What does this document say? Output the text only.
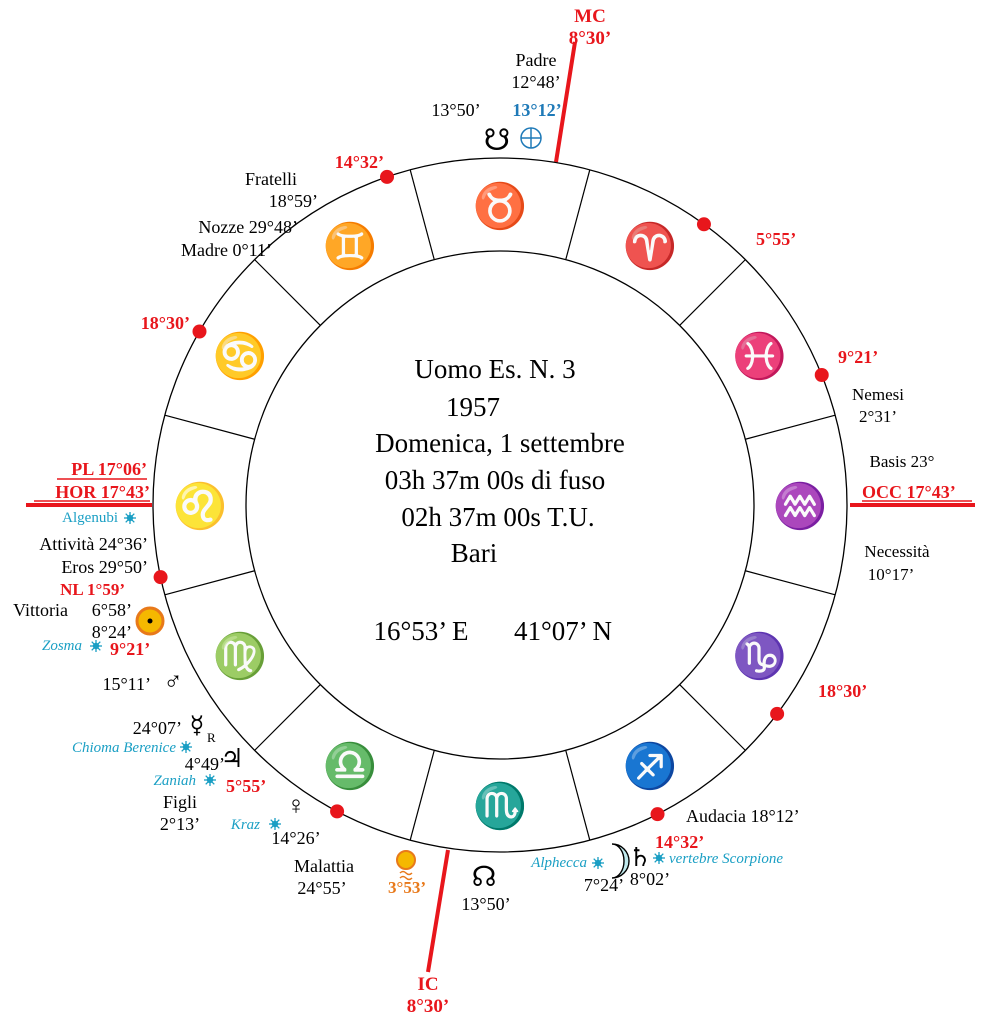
♉
♈
♓
♒
♑
♐
♏
♎
♍
♌
♋
♊
14°32’
5°55’
9°21’
18°30’
5°55’
9°21’
18°30’
14°32’
Uomo Es. N. 3
1957
Domenica, 1 settembre
03h 37m 00s di fuso
02h 37m 00s T.U.
Bari
16°53’ E 41°07’ N
MC
8°30’
IC
8°30’
PL 17°06’
HOR 17°43’	OCC 17°43’
Padre
12°48’
13°50’ 13°12’
☋
Fratelli
18°59’
Nozze 29°48’
Madre 0°11’
Nemesi
2°31’
Basis 23°
Necessità
10°17’
Algenubi
Attività 24°36’
Eros 29°50’
NL 1°59’
Vittoria 6°58’
8°24’
Zosma
15°11’ ♂
24°07’ ☿ R
Chioma Berenice ♃
4°49’
Zaniah
Figli
2°13’
♀
Kraz
14°26’
Malattia
24°55’ 3°53’ ☊
13°50’
Alphecca ♄ vertebre Scorpione
7°24’ 8°02’
Audacia 18°12’
